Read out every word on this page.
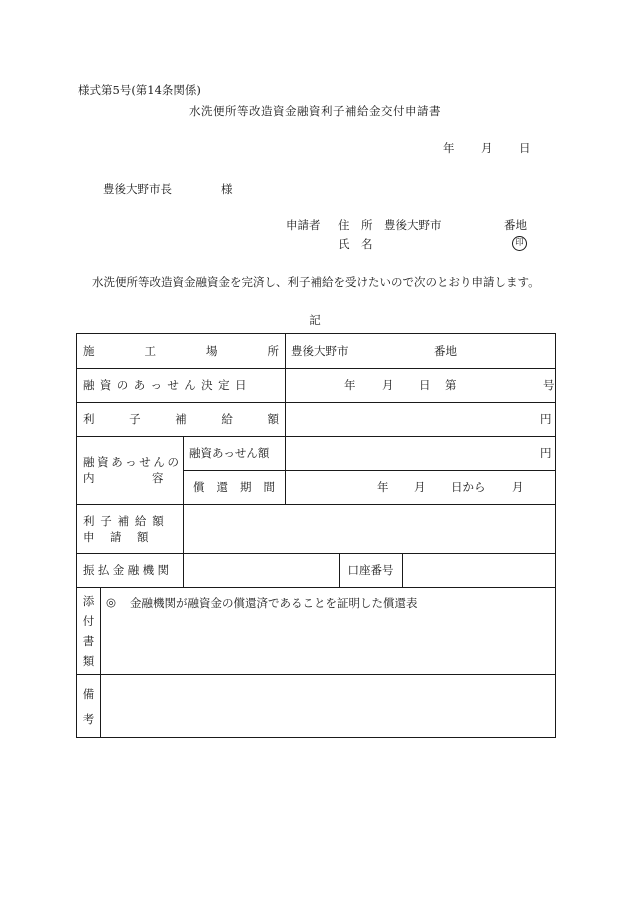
様式第5号(第14条関係)
水洗便所等改造資金融資利子補給金交付申請書
年	月	日
豊後大野市長	様
申請者	住　所	豊後大野市	番地
氏　名	印
水洗便所等改造資金融資金を完済し、利子補給を受けたいので次のとおり申請します。
記
施	工	場	所 豊後大野市	番地
融資のあっせん決定日	年 月 日 第	号
利	子	補	給	額	円
融資あっせんの
内　　　　　容
融資あっせん額	円
償 還 期 間	年 月 日から 月
利子補給額
申　請　額
振払金融機関	口座番号
添
付
書
類
◎	金融機関が融資金の償還済であることを証明した償還表
備
考
